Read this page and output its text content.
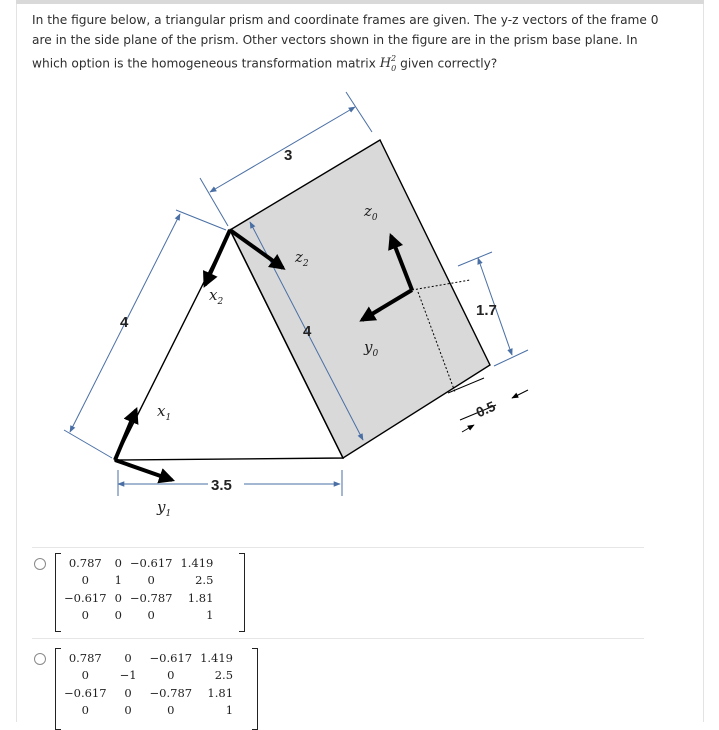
In the figure below, a triangular prism and coordinate frames are given. The y-z vectors of the frame 0
are in the side plane of the prism. Other vectors shown in the figure are in the prism base plane. In
which option is the homogeneous transformation matrix $H^2_0$ given correctly?
3
4
4
1.7
0.5
3.5
$x_1$
$y_1$
$x_2$
$z_2$
$z_0$
$y_0$
0.787	0	−0.617	1.419
0	1	0	2.5
−0.617	0	−0.787	1.81
0	0	0	1
0.787	0	−0.617	1.419
0	−1	0	2.5
−0.617	0	−0.787	1.81
0	0	0	1
